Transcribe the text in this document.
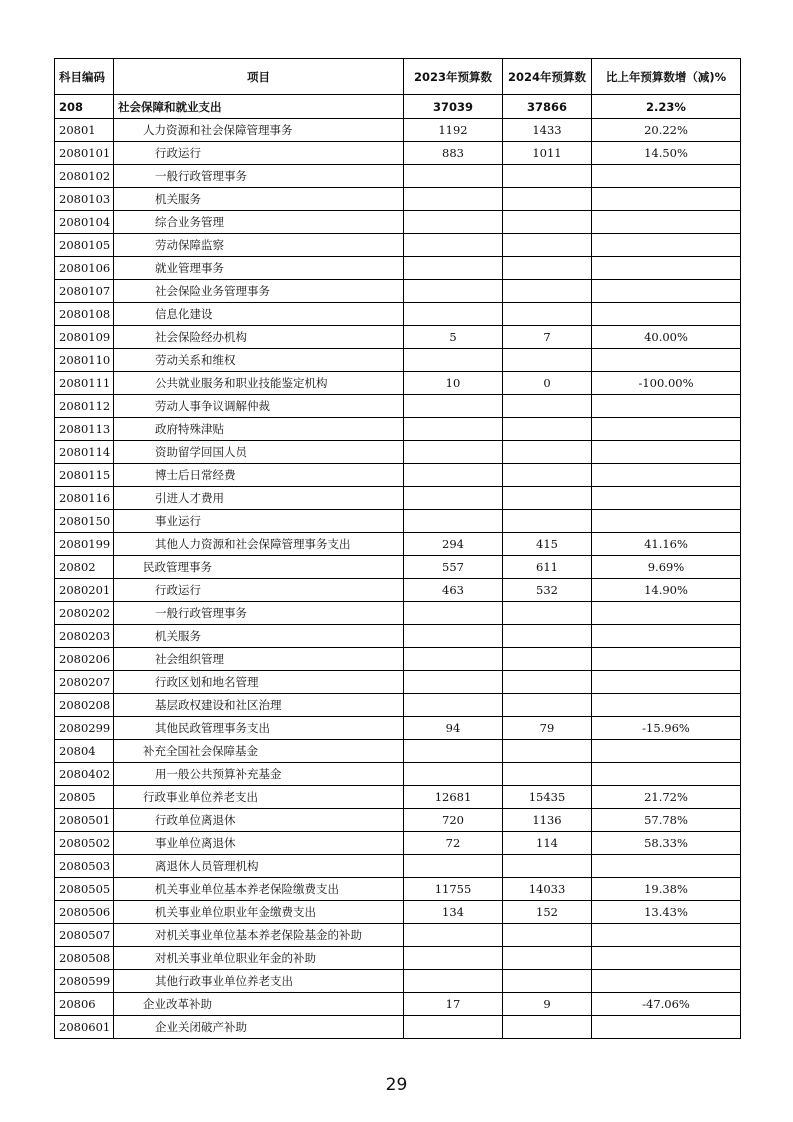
科目编码	项目	2023年预算数	2024年预算数	比上年预算数增（减)%
208	社会保障和就业支出	37039	37866	2.23%
20801	人力资源和社会保障管理事务	1192	1433	20.22%
2080101	行政运行	883	1011	14.50%
2080102	一般行政管理事务			
2080103	机关服务			
2080104	综合业务管理			
2080105	劳动保障监察			
2080106	就业管理事务			
2080107	社会保险业务管理事务			
2080108	信息化建设			
2080109	社会保险经办机构	5	7	40.00%
2080110	劳动关系和维权			
2080111	公共就业服务和职业技能鉴定机构	10	0	-100.00%
2080112	劳动人事争议调解仲裁			
2080113	政府特殊津贴			
2080114	资助留学回国人员			
2080115	博士后日常经费			
2080116	引进人才费用			
2080150	事业运行			
2080199	其他人力资源和社会保障管理事务支出	294	415	41.16%
20802	民政管理事务	557	611	9.69%
2080201	行政运行	463	532	14.90%
2080202	一般行政管理事务			
2080203	机关服务			
2080206	社会组织管理			
2080207	行政区划和地名管理			
2080208	基层政权建设和社区治理			
2080299	其他民政管理事务支出	94	79	-15.96%
20804	补充全国社会保障基金			
2080402	用一般公共预算补充基金			
20805	行政事业单位养老支出	12681	15435	21.72%
2080501	行政单位离退休	720	1136	57.78%
2080502	事业单位离退休	72	114	58.33%
2080503	离退休人员管理机构			
2080505	机关事业单位基本养老保险缴费支出	11755	14033	19.38%
2080506	机关事业单位职业年金缴费支出	134	152	13.43%
2080507	对机关事业单位基本养老保险基金的补助			
2080508	对机关事业单位职业年金的补助			
2080599	其他行政事业单位养老支出			
20806	企业改革补助	17	9	-47.06%
2080601	企业关闭破产补助			
29
